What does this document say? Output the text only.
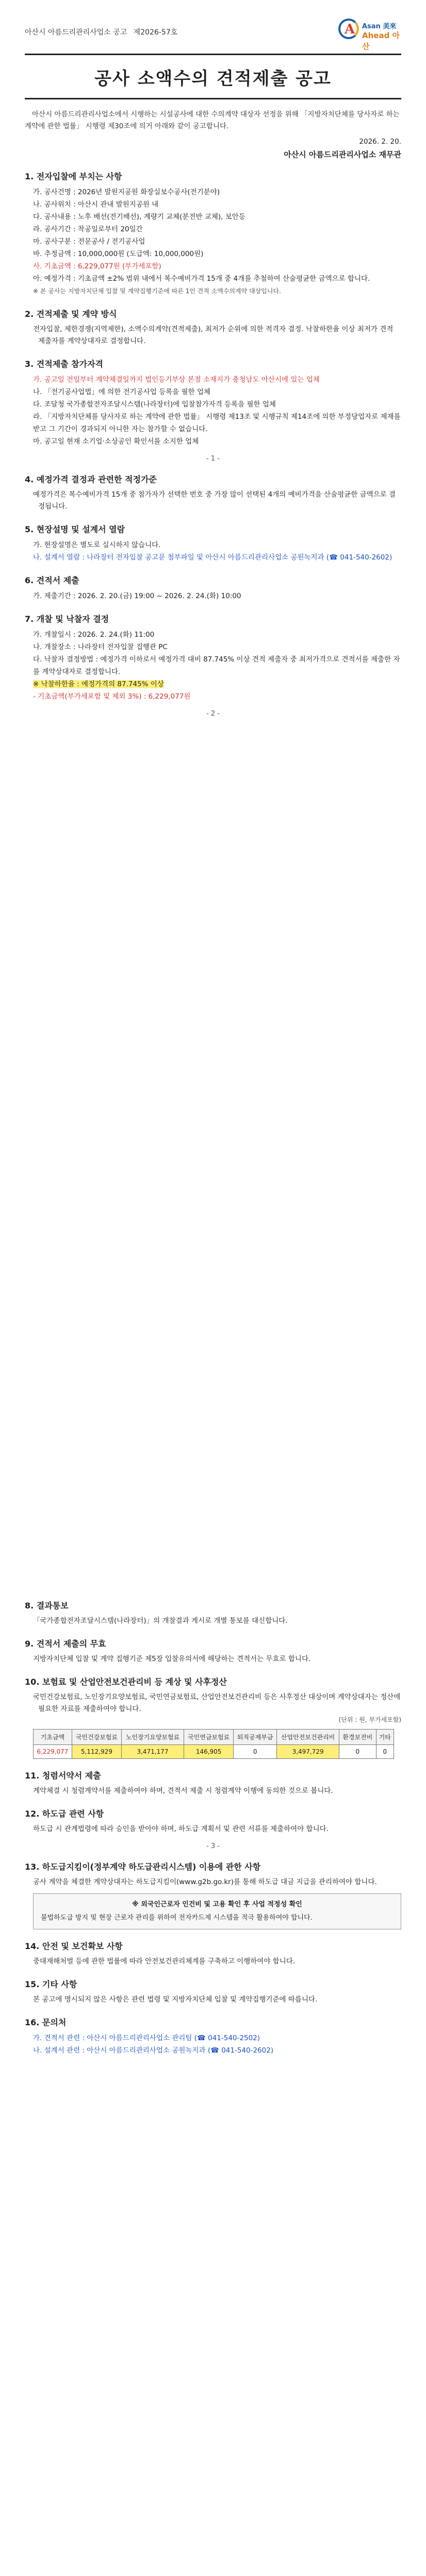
아산시 아름드리관리사업소 공고 제2026-57호	A Asan 美來
Ahead 아산
공사 소액수의 견적제출 공고
아산시 아름드리관리사업소에서 시행하는 시설공사에 대한 수의계약 대상자 선정을 위해 「지방자치단체를 당사자로 하는 계약에 관한 법률」 시행령 제30조에 의거 아래와 같이 공고합니다.
2026. 2. 20.
아산시 아름드리관리사업소 재무관
1. 전자입찰에 부치는 사항
가. 공사건명 : 2026년 발원지공원 화장실보수공사(전기분야)
나. 공사위치 : 아산시 관내 발원지공원 내
다. 공사내용 : 노후 배선(전기배선), 계량기 교체(분전반 교체), 보안등
라. 공사기간 : 착공일로부터 20일간
마. 공사구분 : 전문공사 / 전기공사업
바. 추정금액 : 10,000,000원 (도급액: 10,000,000원)
사. 기초금액 : 6,229,077원 (부가세포함)
아. 예정가격 : 기초금액 ±2% 범위 내에서 복수예비가격 15개 중 4개를 추첨하여 산술평균한 금액으로 합니다.
※ 본 공사는 지방자치단체 입찰 및 계약집행기준에 따른 1인 견적 소액수의계약 대상입니다.
2. 견적제출 및 계약 방식
전자입찰, 제한경쟁(지역제한), 소액수의계약(견적제출), 최저가 순위에 의한 적격자 결정. 낙찰하한율 이상 최저가 견적 제출자를 계약상대자로 결정합니다.
3. 견적제출 참가자격
가. 공고일 전일부터 계약체결일까지 법인등기부상 본점 소재지가 충청남도 아산시에 있는 업체
나. 「전기공사업법」에 의한 전기공사업 등록을 필한 업체
다. 조달청 국가종합전자조달시스템(나라장터)에 입찰참가자격 등록을 필한 업체
라. 「지방자치단체를 당사자로 하는 계약에 관한 법률」 시행령 제13조 및 시행규칙 제14조에 의한 부정당업자로 제재를 받고 그 기간이 경과되지 아니한 자는 참가할 수 없습니다.
마. 공고일 현재 소기업·소상공인 확인서를 소지한 업체
- 1 -
4. 예정가격 결정과 관련한 적정가준
예정가격은 복수예비가격 15개 중 참가자가 선택한 번호 중 가장 많이 선택된 4개의 예비가격을 산술평균한 금액으로 결정됩니다.
5. 현장설명 및 설계서 열람
가. 현장설명은 별도로 실시하지 않습니다.
나. 설계서 열람 : 나라장터 전자입찰 공고문 첨부파일 및 아산시 아름드리관리사업소 공원녹지과 (☎ 041-540-2602)
6. 견적서 제출
가. 제출기간 : 2026. 2. 20.(금) 19:00 ~ 2026. 2. 24.(화) 10:00
7. 개찰 및 낙찰자 결정
가. 개찰일시 : 2026. 2. 24.(화) 11:00
나. 개찰장소 : 나라장터 전자입찰 집행관 PC
다. 낙찰자 결정방법 : 예정가격 이하로서 예정가격 대비 87.745% 이상 견적 제출자 중 최저가격으로 견적서를 제출한 자를 계약상대자로 결정합니다.
※ 낙찰하한율 : 예정가격의 87.745% 이상
- 기초금액(부가세포함 및 제외 3%) : 6,229,077원
- 2 -
8. 결과통보
「국가종합전자조달시스템(나라장터)」의 개찰결과 게시로 개별 통보를 대신합니다.
9. 견적서 제출의 무효
지방자치단체 입찰 및 계약 집행기준 제5장 입찰유의서에 해당하는 견적서는 무효로 합니다.
10. 보험료 및 산업안전보건관리비 등 계상 및 사후정산
국민건강보험료, 노인장기요양보험료, 국민연금보험료, 산업안전보건관리비 등은 사후정산 대상이며 계약상대자는 정산에 필요한 자료를 제출하여야 합니다.
(단위 : 원, 부가세포함)
기초금액	국민건강보험료	노인장기요양보험료	국민연금보험료	퇴직공제부금	산업안전보건관리비	환경보전비	기타
6,229,077	5,112,929	3,471,177	146,905	0	3,497,729	0	0
11. 청렴서약서 제출
계약체결 시 청렴계약서를 제출하여야 하며, 견적서 제출 시 청렴계약 이행에 동의한 것으로 봅니다.
12. 하도급 관련 사항
하도급 시 관계법령에 따라 승인을 받아야 하며, 하도급 계획서 및 관련 서류를 제출하여야 합니다.
- 3 -
13. 하도급지킴이(정부계약 하도급관리시스템) 이용에 관한 사항
공사 계약을 체결한 계약상대자는 하도급지킴이(www.g2b.go.kr)를 통해 하도급 대금 지급을 관리하여야 합니다.
※ 외국인근로자 인건비 및 고용 확인 후 사업 적정성 확인
불법하도급 방지 및 현장 근로자 관리를 위하여 전자카드제 시스템을 적극 활용하여야 합니다.
14. 안전 및 보건확보 사항
중대재해처벌 등에 관한 법률에 따라 안전보건관리체계를 구축하고 이행하여야 합니다.
15. 기타 사항
본 공고에 명시되지 않은 사항은 관련 법령 및 지방자치단체 입찰 및 계약집행기준에 따릅니다.
16. 문의처
가. 견적서 관련 : 아산시 아름드리관리사업소 관리팀 (☎ 041-540-2502)
나. 설계서 관련 : 아산시 아름드리관리사업소 공원녹지과 (☎ 041-540-2602)
